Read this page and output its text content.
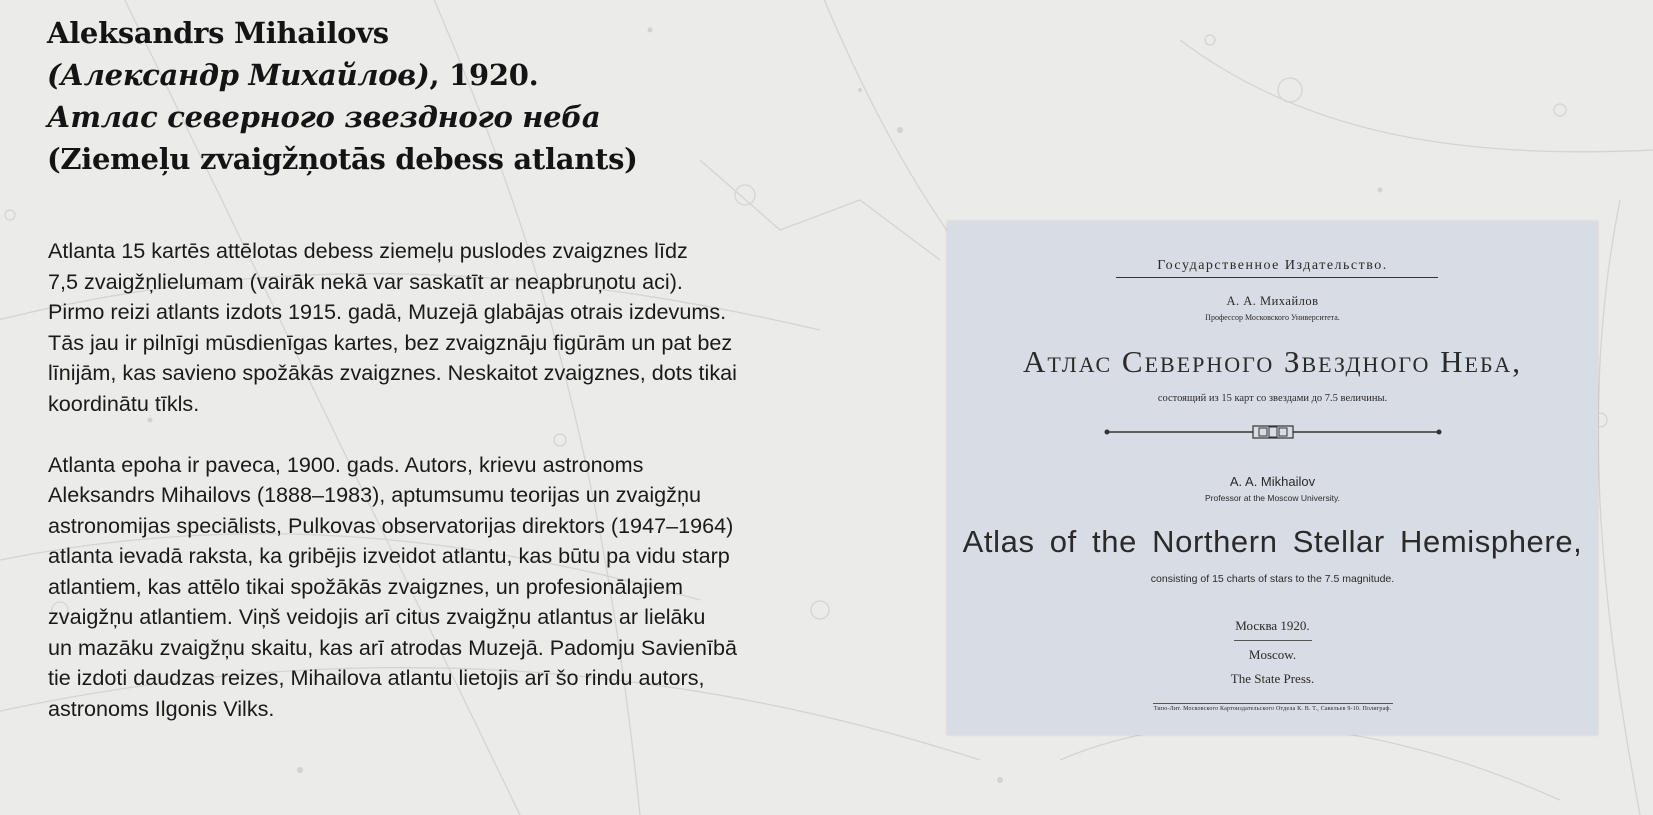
Aleksandrs Mihailovs
(Александр Михайлов), 1920.
Атлас северного звездного неба
(Ziemeļu zvaigžņotās debess atlants)

Atlanta 15 kartēs attēlotas debess ziemeļu puslodes zvaigznes līdz
7,5 zvaigžņlielumam (vairāk nekā var saskatīt ar neapbruņotu aci).
Pirmo reizi atlants izdots 1915. gadā, Muzejā glabājas otrais izdevums.
Tās jau ir pilnīgi mūsdienīgas kartes, bez zvaigznāju figūrām un pat bez
līnijām, kas savieno spožākās zvaigznes. Neskaitot zvaigznes, dots tikai
koordinātu tīkls.

Atlanta epoha ir paveca, 1900. gads. Autors, krievu astronoms
Aleksandrs Mihailovs (1888–1983), aptumsumu teorijas un zvaigžņu
astronomijas speciālists, Pulkovas observatorijas direktors (1947–1964)
atlanta ievadā raksta, ka gribējis izveidot atlantu, kas būtu pa vidu starp
atlantiem, kas attēlo tikai spožākās zvaigznes, un profesionālajiem
zvaigžņu atlantiem. Viņš veidojis arī citus zvaigžņu atlantus ar lielāku
un mazāku zvaigžņu skaitu, kas arī atrodas Muzejā. Padomju Savienībā
tie izdoti daudzas reizes, Mihailova atlantu lietojis arī šo rindu autors,
astronoms Ilgonis Vilks.

Государственное Издательство.
А. А. Михайлов
Профессор Московского Университета.
Атлас Северного Звездного Неба,
состоящий из 15 карт со звездами до 7.5 величины.
A. A. Mikhailov
Professor at the Moscow University.
Atlas of the Northern Stellar Hemisphere,
consisting of 15 charts of stars to the 7.5 magnitude.
Москва 1920.
Moscow.
The State Press.
Типо-Лит. Московского Картоиздательского Отдела К. В. Т., Савельев 9-10. Полиграф.
